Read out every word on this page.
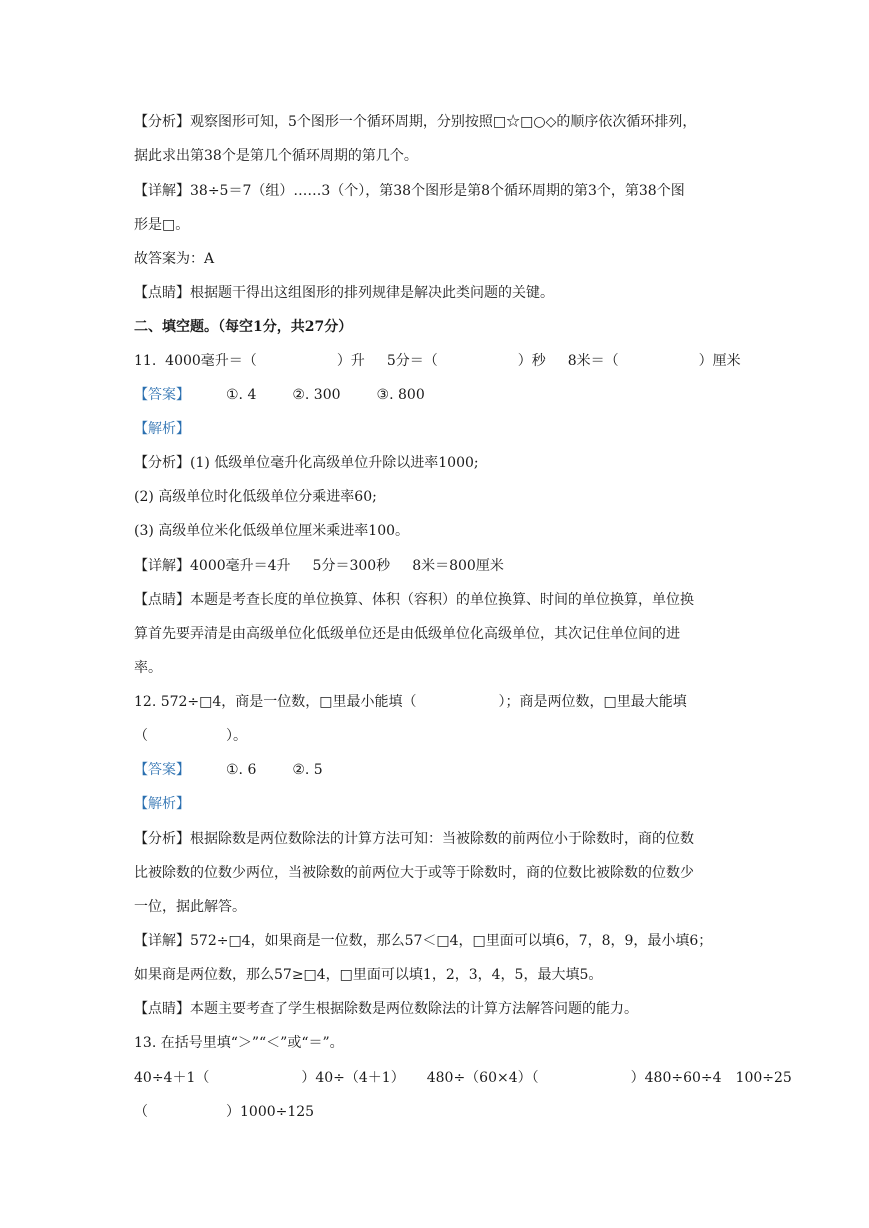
【分析】观察图形可知，5个图形一个循环周期，分别按照□☆□○◇的顺序依次循环排列，
据此求出第38个是第几个循环周期的第几个。
【详解】38÷5＝7（组）……3（个），第38个图形是第8个循环周期的第3个，第38个图
形是□。
故答案为：A
【点睛】根据题干得出这组图形的排列规律是解决此类问题的关键。
二、填空题。（每空1分，共27分）
11. 4000毫升＝（	）升 5分＝（	）秒 8米＝（	）厘米
【答案】	①. 4	②. 300	③. 800
【解析】
【分析】(1) 低级单位毫升化高级单位升除以进率1000;
(2) 高级单位时化低级单位分乘进率60;
(3) 高级单位米化低级单位厘米乘进率100。
【详解】4000毫升＝4升 5分＝300秒 8米＝800厘米
【点睛】本题是考查长度的单位换算、体积（容积）的单位换算、时间的单位换算，单位换
算首先要弄清是由高级单位化低级单位还是由低级单位化高级单位，其次记住单位间的进
率。
12. 572÷□4，商是一位数，□里最小能填（	）；商是两位数，□里最大能填
（	）。
【答案】	①. 6	②. 5
【解析】
【分析】根据除数是两位数除法的计算方法可知：当被除数的前两位小于除数时，商的位数
比被除数的位数少两位，当被除数的前两位大于或等于除数时，商的位数比被除数的位数少
一位，据此解答。
【详解】572÷□4，如果商是一位数，那么57＜□4，□里面可以填6，7，8，9，最小填6；
如果商是两位数，那么57≥□4，□里面可以填1，2，3，4，5，最大填5。
【点睛】本题主要考查了学生根据除数是两位数除法的计算方法解答问题的能力。
13. 在括号里填“＞”“＜”或“＝”。
40÷4＋1（	）40÷（4＋1） 480÷（60×4）（	）480÷60÷4 100÷25
（	）1000÷125
